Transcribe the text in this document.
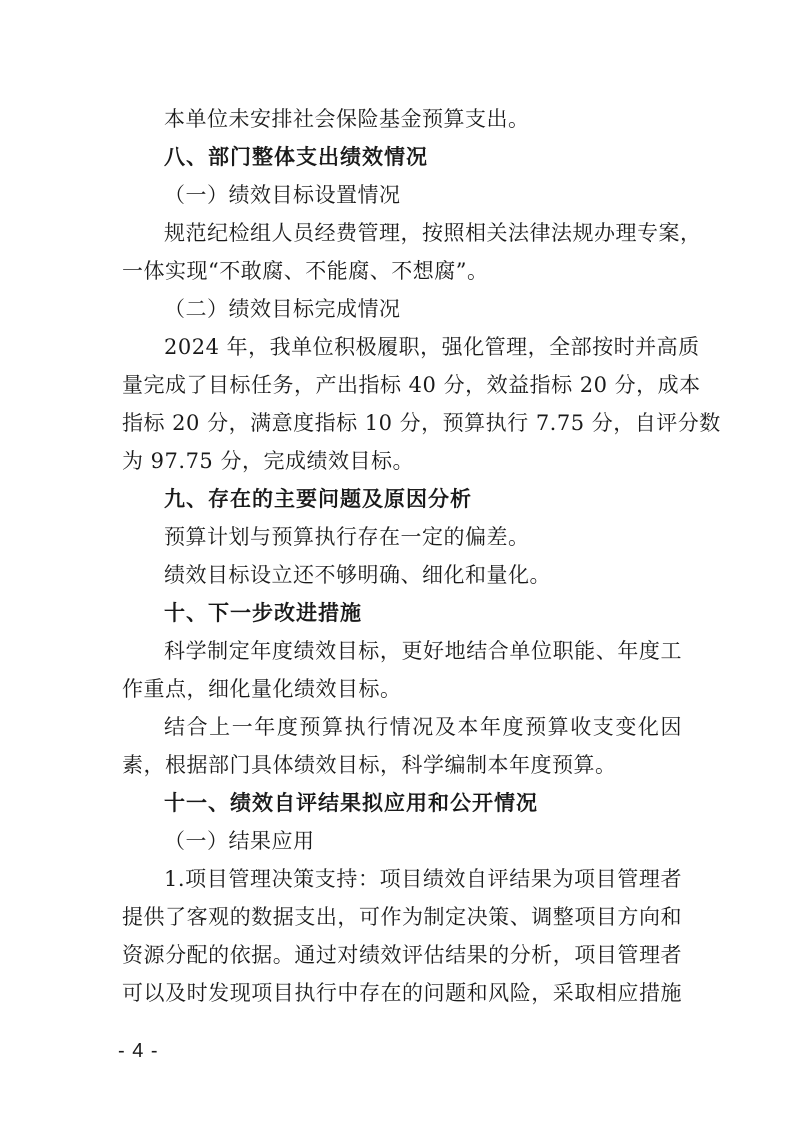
本单位未安排社会保险基金预算支出。
八、部门整体支出绩效情况
（一）绩效目标设置情况
规范纪检组人员经费管理，按照相关法律法规办理专案，
一体实现“不敢腐、不能腐、不想腐”。
（二）绩效目标完成情况
2024 年，我单位积极履职，强化管理，全部按时并高质
量完成了目标任务，产出指标 40 分，效益指标 20 分，成本
指标 20 分，满意度指标 10 分，预算执行 7.75 分，自评分数
为 97.75 分，完成绩效目标。
九、存在的主要问题及原因分析
预算计划与预算执行存在一定的偏差。
绩效目标设立还不够明确、细化和量化。
十、下一步改进措施
科学制定年度绩效目标，更好地结合单位职能、年度工
作重点，细化量化绩效目标。
结合上一年度预算执行情况及本年度预算收支变化因
素，根据部门具体绩效目标，科学编制本年度预算。
十一、绩效自评结果拟应用和公开情况
（一）结果应用
1.项目管理决策支持：项目绩效自评结果为项目管理者
提供了客观的数据支出，可作为制定决策、调整项目方向和
资源分配的依据。通过对绩效评估结果的分析，项目管理者
可以及时发现项目执行中存在的问题和风险，采取相应措施
- 4 -
